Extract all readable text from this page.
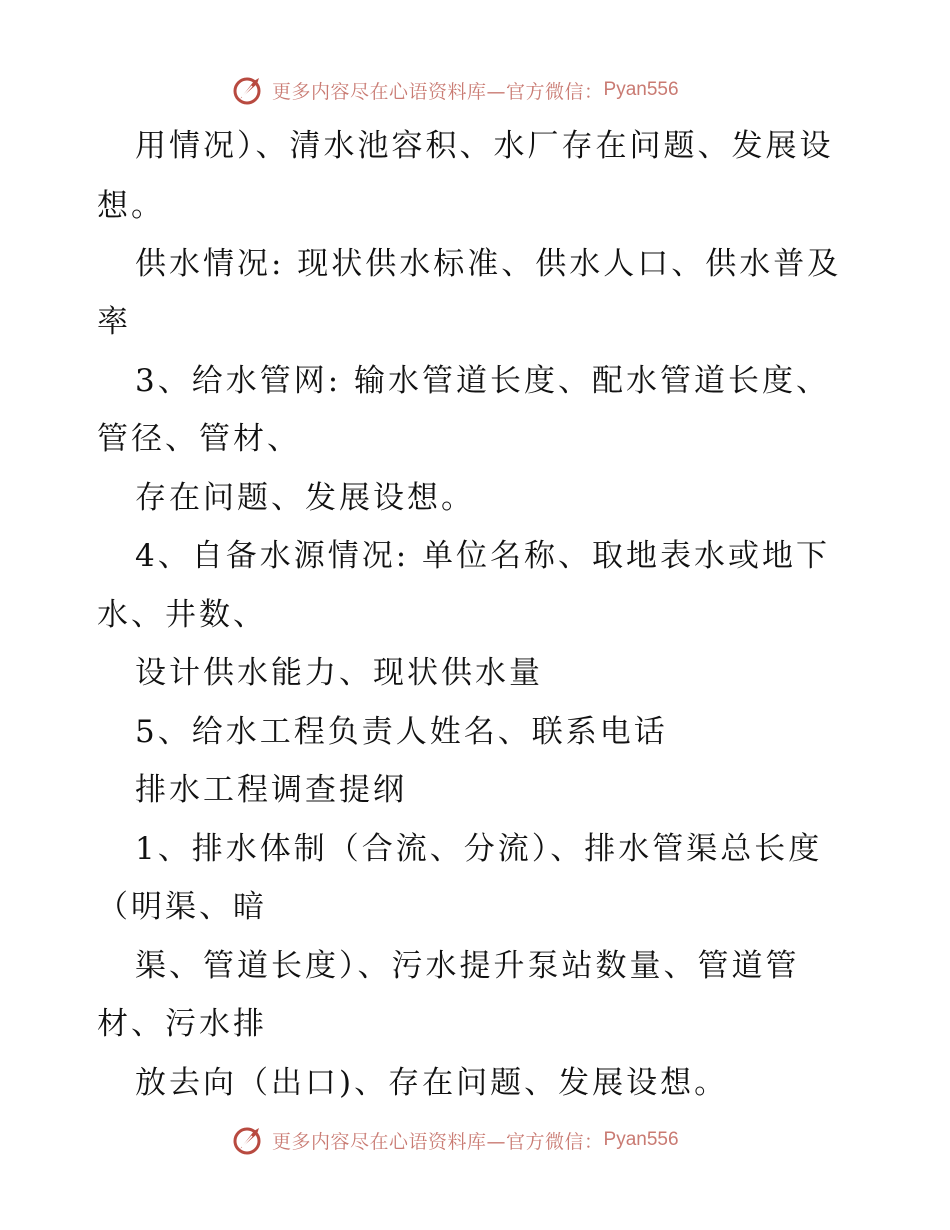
更多内容尽在心语资料库—官方微信： Pyan556
用情况）、清水池容积、水厂存在问题、发展设
想。
供水情况: 现状供水标准、供水人口、供水普及
率
3、给水管网: 输水管道长度、配水管道长度、
管径、管材、
存在问题、发展设想。
4、自备水源情况: 单位名称、取地表水或地下
水、井数、
设计供水能力、现状供水量
5、给水工程负责人姓名、联系电话
排水工程调查提纲
1、排水体制（合流、分流）、排水管渠总长度
（明渠、暗
渠、管道长度）、污水提升泵站数量、管道管
材、污水排
放去向（出口)、存在问题、发展设想。
更多内容尽在心语资料库—官方微信： Pyan556
